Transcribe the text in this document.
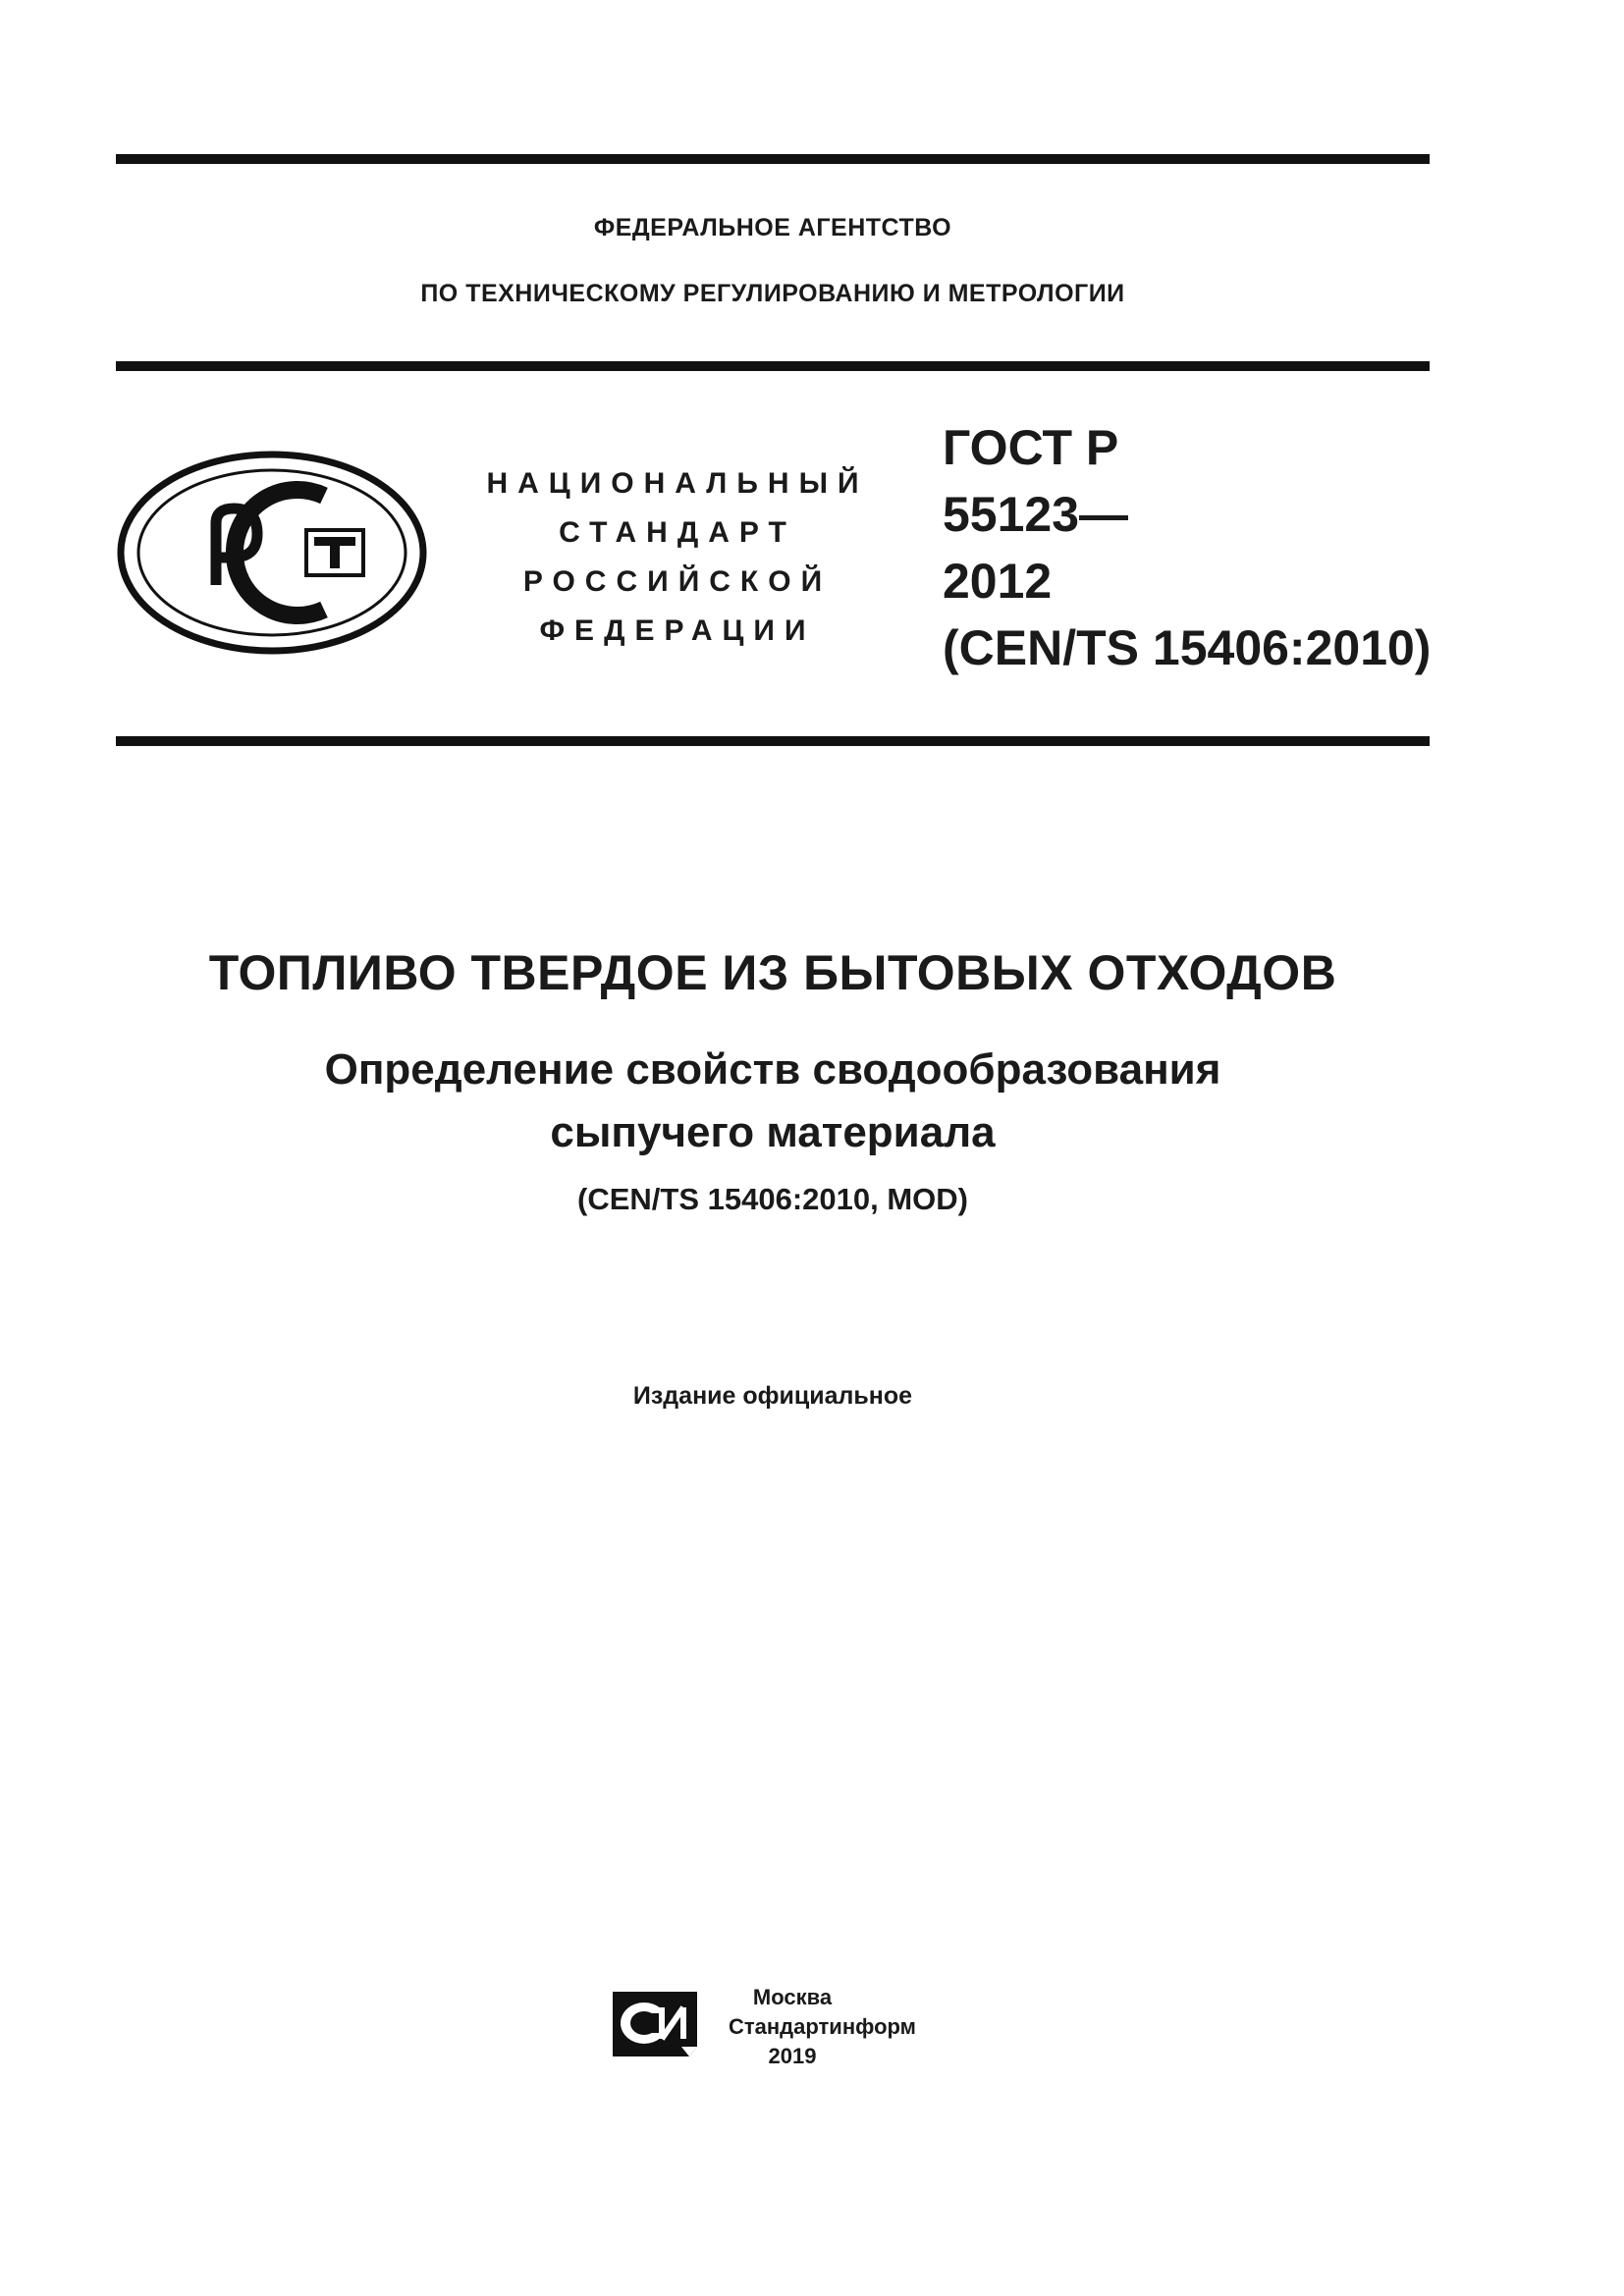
ФЕДЕРАЛЬНОЕ АГЕНТСТВО
ПО ТЕХНИЧЕСКОМУ РЕГУЛИРОВАНИЮ И МЕТРОЛОГИИ
НАЦИОНАЛЬНЫЙ
СТАНДАРТ
РОССИЙСКОЙ
ФЕДЕРАЦИИ
ГОСТ Р
55123—
2012
(CEN/TS 15406:2010)
ТОПЛИВО ТВЕРДОЕ ИЗ БЫТОВЫХ ОТХОДОВ
Определение свойств сводообразования
сыпучего материала
(CEN/TS 15406:2010, MOD)
Издание официальное
Москва
Стандартинформ
2019
